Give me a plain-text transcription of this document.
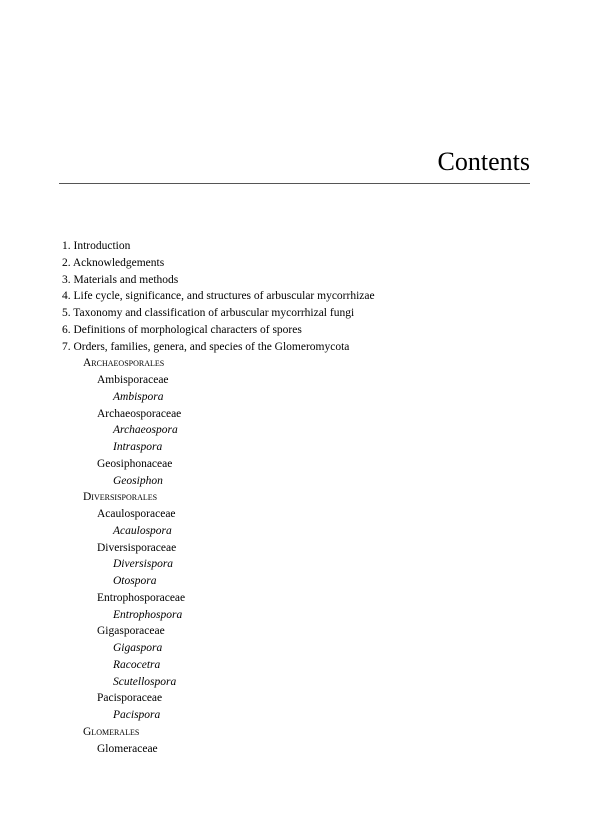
Contents
1. Introduction
2. Acknowledgements
3. Materials and methods
4. Life cycle, significance, and structures of arbuscular mycorrhizae
5. Taxonomy and classification of arbuscular mycorrhizal fungi
6. Definitions of morphological characters of spores
7. Orders, families, genera, and species of the Glomeromycota
Archaeosporales
Ambisporaceae
Ambispora
Archaeosporaceae
Archaeospora
Intraspora
Geosiphonaceae
Geosiphon
Diversisporales
Acaulosporaceae
Acaulospora
Diversisporaceae
Diversispora
Otospora
Entrophosporaceae
Entrophospora
Gigasporaceae
Gigaspora
Racocetra
Scutellospora
Pacisporaceae
Pacispora
Glomerales
Glomeraceae
